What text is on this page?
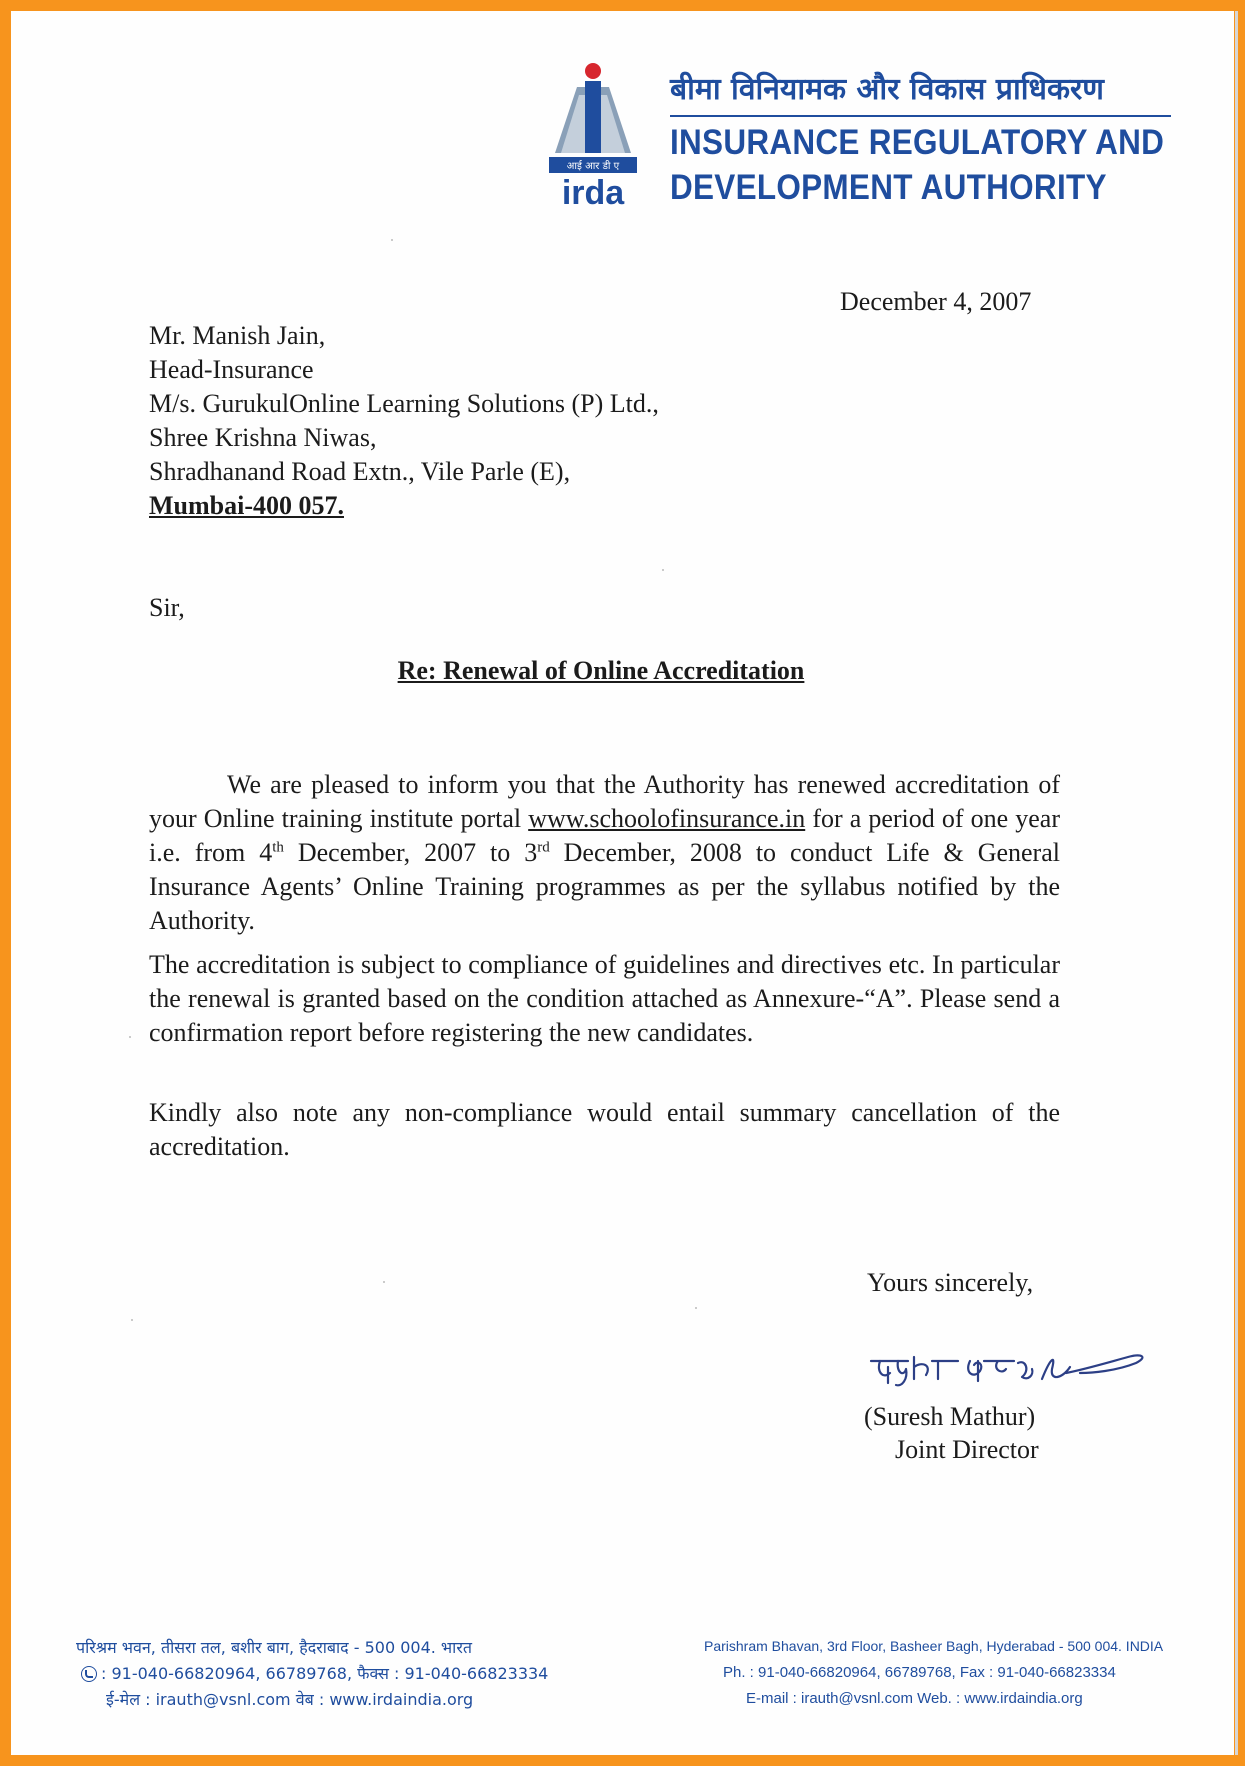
आई आर डी ए
irda
बीमा विनियामक और विकास प्राधिकरण
INSURANCE REGULATORY AND
DEVELOPMENT AUTHORITY
December 4, 2007
Mr. Manish Jain,
Head-Insurance
M/s. GurukulOnline Learning Solutions (P) Ltd.,
Shree Krishna Niwas,
Shradhanand Road Extn., Vile Parle (E),
Mumbai-400 057.
Sir,
Re: Renewal of Online Accreditation

We are pleased to inform you that the Authority has renewed accreditation of your Online training institute portal www.schoolofinsurance.in for a period of one year i.e. from 4th December, 2007 to 3rd December, 2008 to conduct Life & General Insurance Agents’ Online Training programmes as per the syllabus notified by the Authority.

The accreditation is subject to compliance of guidelines and directives etc. In particular the renewal is granted based on the condition attached as Annexure-“A”. Please send a confirmation report before registering the new candidates.
Kindly also note any non-compliance would entail summary cancellation of the accreditation.
Yours sincerely,
(Suresh Mathur)
Joint Director
परिश्रम भवन, तीसरा तल, बशीर बाग, हैदराबाद - 500 004. भारत
: 91-040-66820964, 66789768, फैक्स : 91-040-66823334
ई-मेल : irauth@vsnl.com वेब : www.irdaindia.org
Parishram Bhavan, 3rd Floor, Basheer Bagh, Hyderabad - 500 004. INDIA
Ph. : 91-040-66820964, 66789768, Fax : 91-040-66823334
E-mail : irauth@vsnl.com Web. : www.irdaindia.org
